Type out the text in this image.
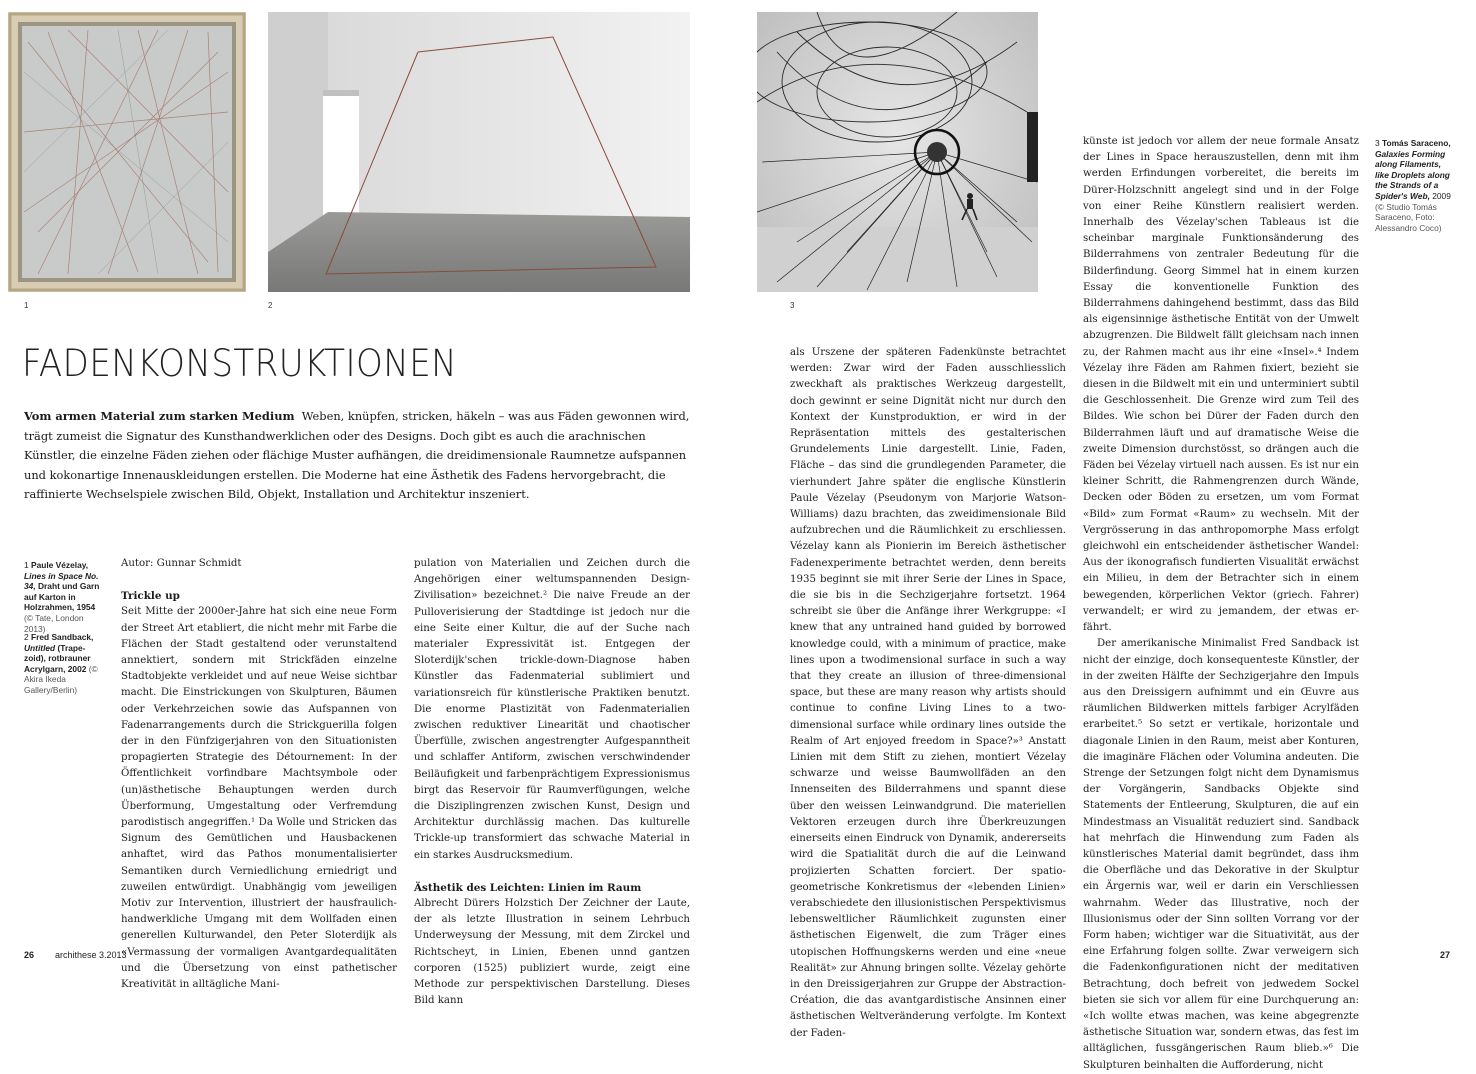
1	2	3
3 Tomás Saraceno, Galaxies Forming along Filaments, like Droplets along the Strands of a Spider's Web, 2009 (© Studio Tomás Saraceno, Foto: Alessandro Coco)
FADENKONSTRUKTIONEN
Vom armen Material zum starken Medium Weben, knüpfen, stricken, häkeln – was aus Fäden gewonnen wird, trägt zumeist die Signatur des Kunsthandwerklichen oder des Designs. Doch gibt es auch die arachnischen Künstler, die einzelne Fäden ziehen oder flächige Muster aufhängen, die dreidimensionale Raumnetze aufspannen und kokonartige Innenauskleidungen erstellen. Die Moderne hat eine Ästhetik des Fadens hervorgebracht, die raffinierte Wechselspiele zwischen Bild, Objekt, Installation und Architektur inszeniert.
1 Paule Vézelay, Lines in Space No. 34, Draht und Garn auf Karton in Holzrahmen, 1954 (© Tate, London 2013)
2 Fred Sandback, Untitled (Trape-zoid), rotbrauner Acrylgarn, 2002 (© Akira Ikeda Gallery/Berlin)

Autor: Gunnar Schmidt

Trickle up

Seit Mitte der 2000er-Jahre hat sich eine neue Form der Street Art etabliert, die nicht mehr mit Farbe die Flächen der Stadt gestaltend oder verunstaltend annektiert, sondern mit Strickfäden einzelne Stadtobjekte verkleidet und auf neue Weise sichtbar macht. Die Einstrickungen von Skulpturen, Bäumen oder Verkehrzeichen sowie das Aufspannen von Fadenarrangements durch die Strickguerilla folgen der in den Fünfzigerjahren von den Situationisten propagierten Strategie des Détournement: In der Öffentlichkeit vorfindbare Machtsymbole oder (un)ästhetische Behauptungen werden durch Überformung, Umgestaltung oder Verfremdung parodistisch angegriffen.¹ Da Wolle und Stricken das Signum des Gemütlichen und Hausbackenen anhaftet, wird das Pathos monumentalisierter Semantiken durch Verniedlichung erniedrigt und zuweilen entwürdigt. Unabhängig vom jeweiligen Motiv zur Intervention, illustriert der hausfraulich-handwerkliche Umgang mit dem Wollfaden einen generellen Kulturwandel, den Peter Sloterdijk als «Vermassung der vormaligen Avantgardequalitäten und die Übersetzung von einst pathetischer Kreativität in alltägliche Mani-

pulation von Materialien und Zeichen durch die Angehörigen einer weltumspannenden Design-Zivilisation» bezeichnet.² Die naive Freude an der Pullоverisierung der Stadtdinge ist jedoch nur die eine Seite einer Kultur, die auf der Suche nach materialer Expressivität ist. Entgegen der Sloterdijk'schen trickle-down-Diagnose haben Künstler das Fadenmaterial sublimiert und variationsreich für künstlerische Praktiken benutzt. Die enorme Plastizität von Fadenmaterialien zwischen reduktiver Linearität und chaotischer Überfülle, zwischen angestrengter Aufgespanntheit und schlaffer Antiform, zwischen verschwindender Beiläufigkeit und farbenprächtigem Expressionismus birgt das Reservoir für Raumverfügungen, welche die Disziplingrenzen zwischen Kunst, Design und Architektur durchlässig machen. Das kulturelle Trickle-up transformiert das schwache Material in ein starkes Ausdrucksmedium.

Ästhetik des Leichten: Linien im Raum

Albrecht Dürers Holzstich Der Zeichner der Laute, der als letzte Illustration in seinem Lehrbuch Underweysung der Messung, mit dem Zirckel und Richtscheyt, in Linien, Ebenen unnd gantzen corporen (1525) publiziert wurde, zeigt eine Methode zur perspektivischen Darstellung. Dieses Bild kann

als Urszene der späteren Fadenkünste betrachtet werden: Zwar wird der Faden ausschliesslich zweckhaft als praktisches Werkzeug dargestellt, doch gewinnt er seine Dignität nicht nur durch den Kontext der Kunstproduktion, er wird in der Repräsentation mittels des gestalterischen Grundelements Linie dargestellt. Linie, Faden, Fläche – das sind die grundlegenden Parameter, die vierhundert Jahre später die englische Künstlerin Paule Vézelay (Pseudonym von Marjorie Watson-Williams) dazu brachten, das zweidimensionale Bild aufzubrechen und die Räumlichkeit zu erschliessen. Vézelay kann als Pionierin im Bereich ästhetischer Fadenexperimente betrachtet werden, denn bereits 1935 beginnt sie mit ihrer Serie der Lines in Space, die sie bis in die Sechzigerjahre fortsetzt. 1964 schreibt sie über die Anfänge ihrer Werkgruppe: «I knew that any untrained hand guided by borrowed knowledge could, with a minimum of practice, make lines upon a twodimensional surface in such a way that they create an illusion of three-dimensional space, but these are many reason why artists should continue to confine Living Lines to a two-dimensional surface while ordinary lines outside the Realm of Art enjoyed freedom in Space?»³ Anstatt Linien mit dem Stift zu ziehen, montiert Vézelay schwarze und weisse Baumwollfäden an den Innenseiten des Bilderrahmens und spannt diese über den weissen Leinwandgrund. Die materiellen Vektoren erzeugen durch ihre Überkreuzungen einerseits einen Eindruck von Dynamik, andererseits wird die Spatialität durch die auf die Leinwand projizierten Schatten forciert. Der spatio-geometrische Konkretismus der «lebenden Linien» verabschiedete den illusionistischen Perspektivismus lebensweltlicher Räumlichkeit zugunsten einer ästhetischen Eigenwelt, die zum Träger eines utopischen Hoffnungskerns werden und eine «neue Realität» zur Ahnung bringen sollte. Vézelay gehörte in den Dreissigerjahren zur Gruppe der Abstraction-Création, die das avantgardistische Ansinnen einer ästhetischen Weltveränderung verfolgte. Im Kontext der Faden-

künste ist jedoch vor allem der neue formale Ansatz der Lines in Space herauszustellen, denn mit ihm werden Erfindungen vorbereitet, die bereits im Dürer-Holzschnitt angelegt sind und in der Folge von einer Reihe Künstlern realisiert werden. Innerhalb des Vézelay'schen Tableaus ist die scheinbar marginale Funktionsänderung des Bilderrahmens von zentraler Bedeutung für die Bilderfindung. Georg Simmel hat in einem kurzen Essay die konventionelle Funktion des Bilderrahmens dahingehend bestimmt, dass das Bild als eigensinnige ästhetische Entität von der Umwelt abzugrenzen. Die Bildwelt fällt gleichsam nach innen zu, der Rahmen macht aus ihr eine «Insel».⁴ Indem Vézelay ihre Fäden am Rahmen fixiert, bezieht sie diesen in die Bildwelt mit ein und unterminiert subtil die Geschlossenheit. Die Grenze wird zum Teil des Bildes. Wie schon bei Dürer der Faden durch den Bilderrahmen läuft und auf dramatische Weise die zweite Dimension durchstösst, so drängen auch die Fäden bei Vézelay virtuell nach aussen. Es ist nur ein kleiner Schritt, die Rahmengrenzen durch Wände, Decken oder Böden zu ersetzen, um vom Format «Bild» zum Format «Raum» zu wechseln. Mit der Vergrösserung in das anthropomorphe Mass erfolgt gleichwohl ein entscheidender ästhetischer Wandel: Aus der ikonografisch fundierten Visualität erwächst ein Milieu, in dem der Betrachter sich in einem bewegenden, körperlichen Vektor (griech. Fahrer) verwandelt; er wird zu jemandem, der etwas er-fährt.

Der amerikanische Minimalist Fred Sandback ist nicht der einzige, doch konsequenteste Künstler, der in der zweiten Hälfte der Sechzigerjahre den Impuls aus den Dreissigern aufnimmt und ein Œuvre aus räumlichen Bildwerken mittels farbiger Acrylfäden erarbeitet.⁵ So setzt er vertikale, horizontale und diagonale Linien in den Raum, meist aber Konturen, die imaginäre Flächen oder Volumina andeuten. Die Strenge der Setzungen folgt nicht dem Dynamismus der Vorgängerin, Sandbacks Objekte sind Statements der Entleerung, Skulpturen, die auf ein Mindestmass an Visualität reduziert sind. Sandback hat mehrfach die Hinwendung zum Faden als künstlerisches Material damit begründet, dass ihm die Oberfläche und das Dekorative in der Skulptur ein Ärgernis war, weil er darin ein Verschliessen wahrnahm. Weder das Illustrative, noch der Illusionismus oder der Sinn sollten Vorrang vor der Form haben; wichtiger war die Situativität, aus der eine Erfahrung folgen sollte. Zwar verweigern sich die Fadenkonfigurationen nicht der meditativen Betrachtung, doch befreit von jedwedem Sockel bieten sie sich vor allem für eine Durchquerung an: «Ich wollte etwas machen, was keine abgegrenzte ästhetische Situation war, sondern etwas, das fest im alltäglichen, fussgängerischen Raum blieb.»⁶ Die Skulpturen beinhalten die Aufforderung, nicht

26 archithese 3.2013	27
